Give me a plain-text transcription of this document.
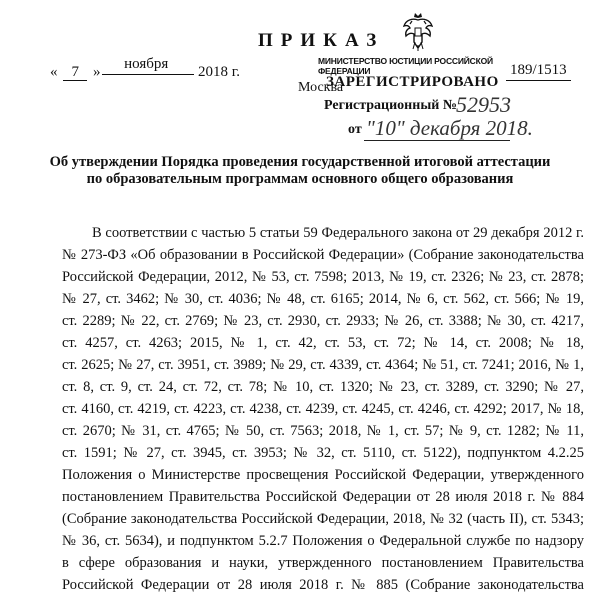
ПРИКАЗ
« 7 » ноября 2018 г.
Москва
189/1513
МИНИСТЕРСТВО ЮСТИЦИИ РОССИЙСКОЙ ФЕДЕРАЦИИ
ЗАРЕГИСТРИРОВАНО
Регистрационный № 52953
от "10" декабря 2018.
Об утверждении Порядка проведения государственной итоговой аттестации
по образовательным программам основного общего образования
В соответствии с частью 5 статьи 59 Федерального закона от 29 декабря 2012 г.
№ 273-ФЗ «Об образовании в Российской Федерации» (Собрание законодательства
Российской Федерации, 2012, № 53, ст. 7598; 2013, № 19, ст. 2326; № 23, ст. 2878;
№ 27, ст. 3462; № 30, ст. 4036; № 48, ст. 6165; 2014, № 6, ст. 562, ст. 566; № 19,
ст. 2289; № 22, ст. 2769; № 23, ст. 2930, ст. 2933; № 26, ст. 3388; № 30, ст. 4217,
ст. 4257, ст. 4263; 2015, № 1, ст. 42, ст. 53, ст. 72; № 14, ст. 2008; № 18,
ст. 2625; № 27, ст. 3951, ст. 3989; № 29, ст. 4339, ст. 4364; № 51, ст. 7241; 2016, № 1,
ст. 8, ст. 9, ст. 24, ст. 72, ст. 78; № 10, ст. 1320; № 23, ст. 3289, ст. 3290; № 27,
ст. 4160, ст. 4219, ст. 4223, ст. 4238, ст. 4239, ст. 4245, ст. 4246, ст. 4292; 2017, № 18,
ст. 2670; № 31, ст. 4765; № 50, ст. 7563; 2018, № 1, ст. 57; № 9, ст. 1282; № 11,
ст. 1591; № 27, ст. 3945, ст. 3953; № 32, ст. 5110, ст. 5122), подпунктом 4.2.25
Положения о Министерстве просвещения Российской Федерации, утвержденного
постановлением Правительства Российской Федерации от 28 июля 2018 г. № 884
(Собрание законодательства Российской Федерации, 2018, № 32 (часть II), ст. 5343;
№ 36, ст. 5634), и подпунктом 5.2.7 Положения о Федеральной службе по надзору
в сфере образования и науки, утвержденного постановлением Правительства
Российской Федерации от 28 июля 2018 г. № 885 (Собрание законодательства
